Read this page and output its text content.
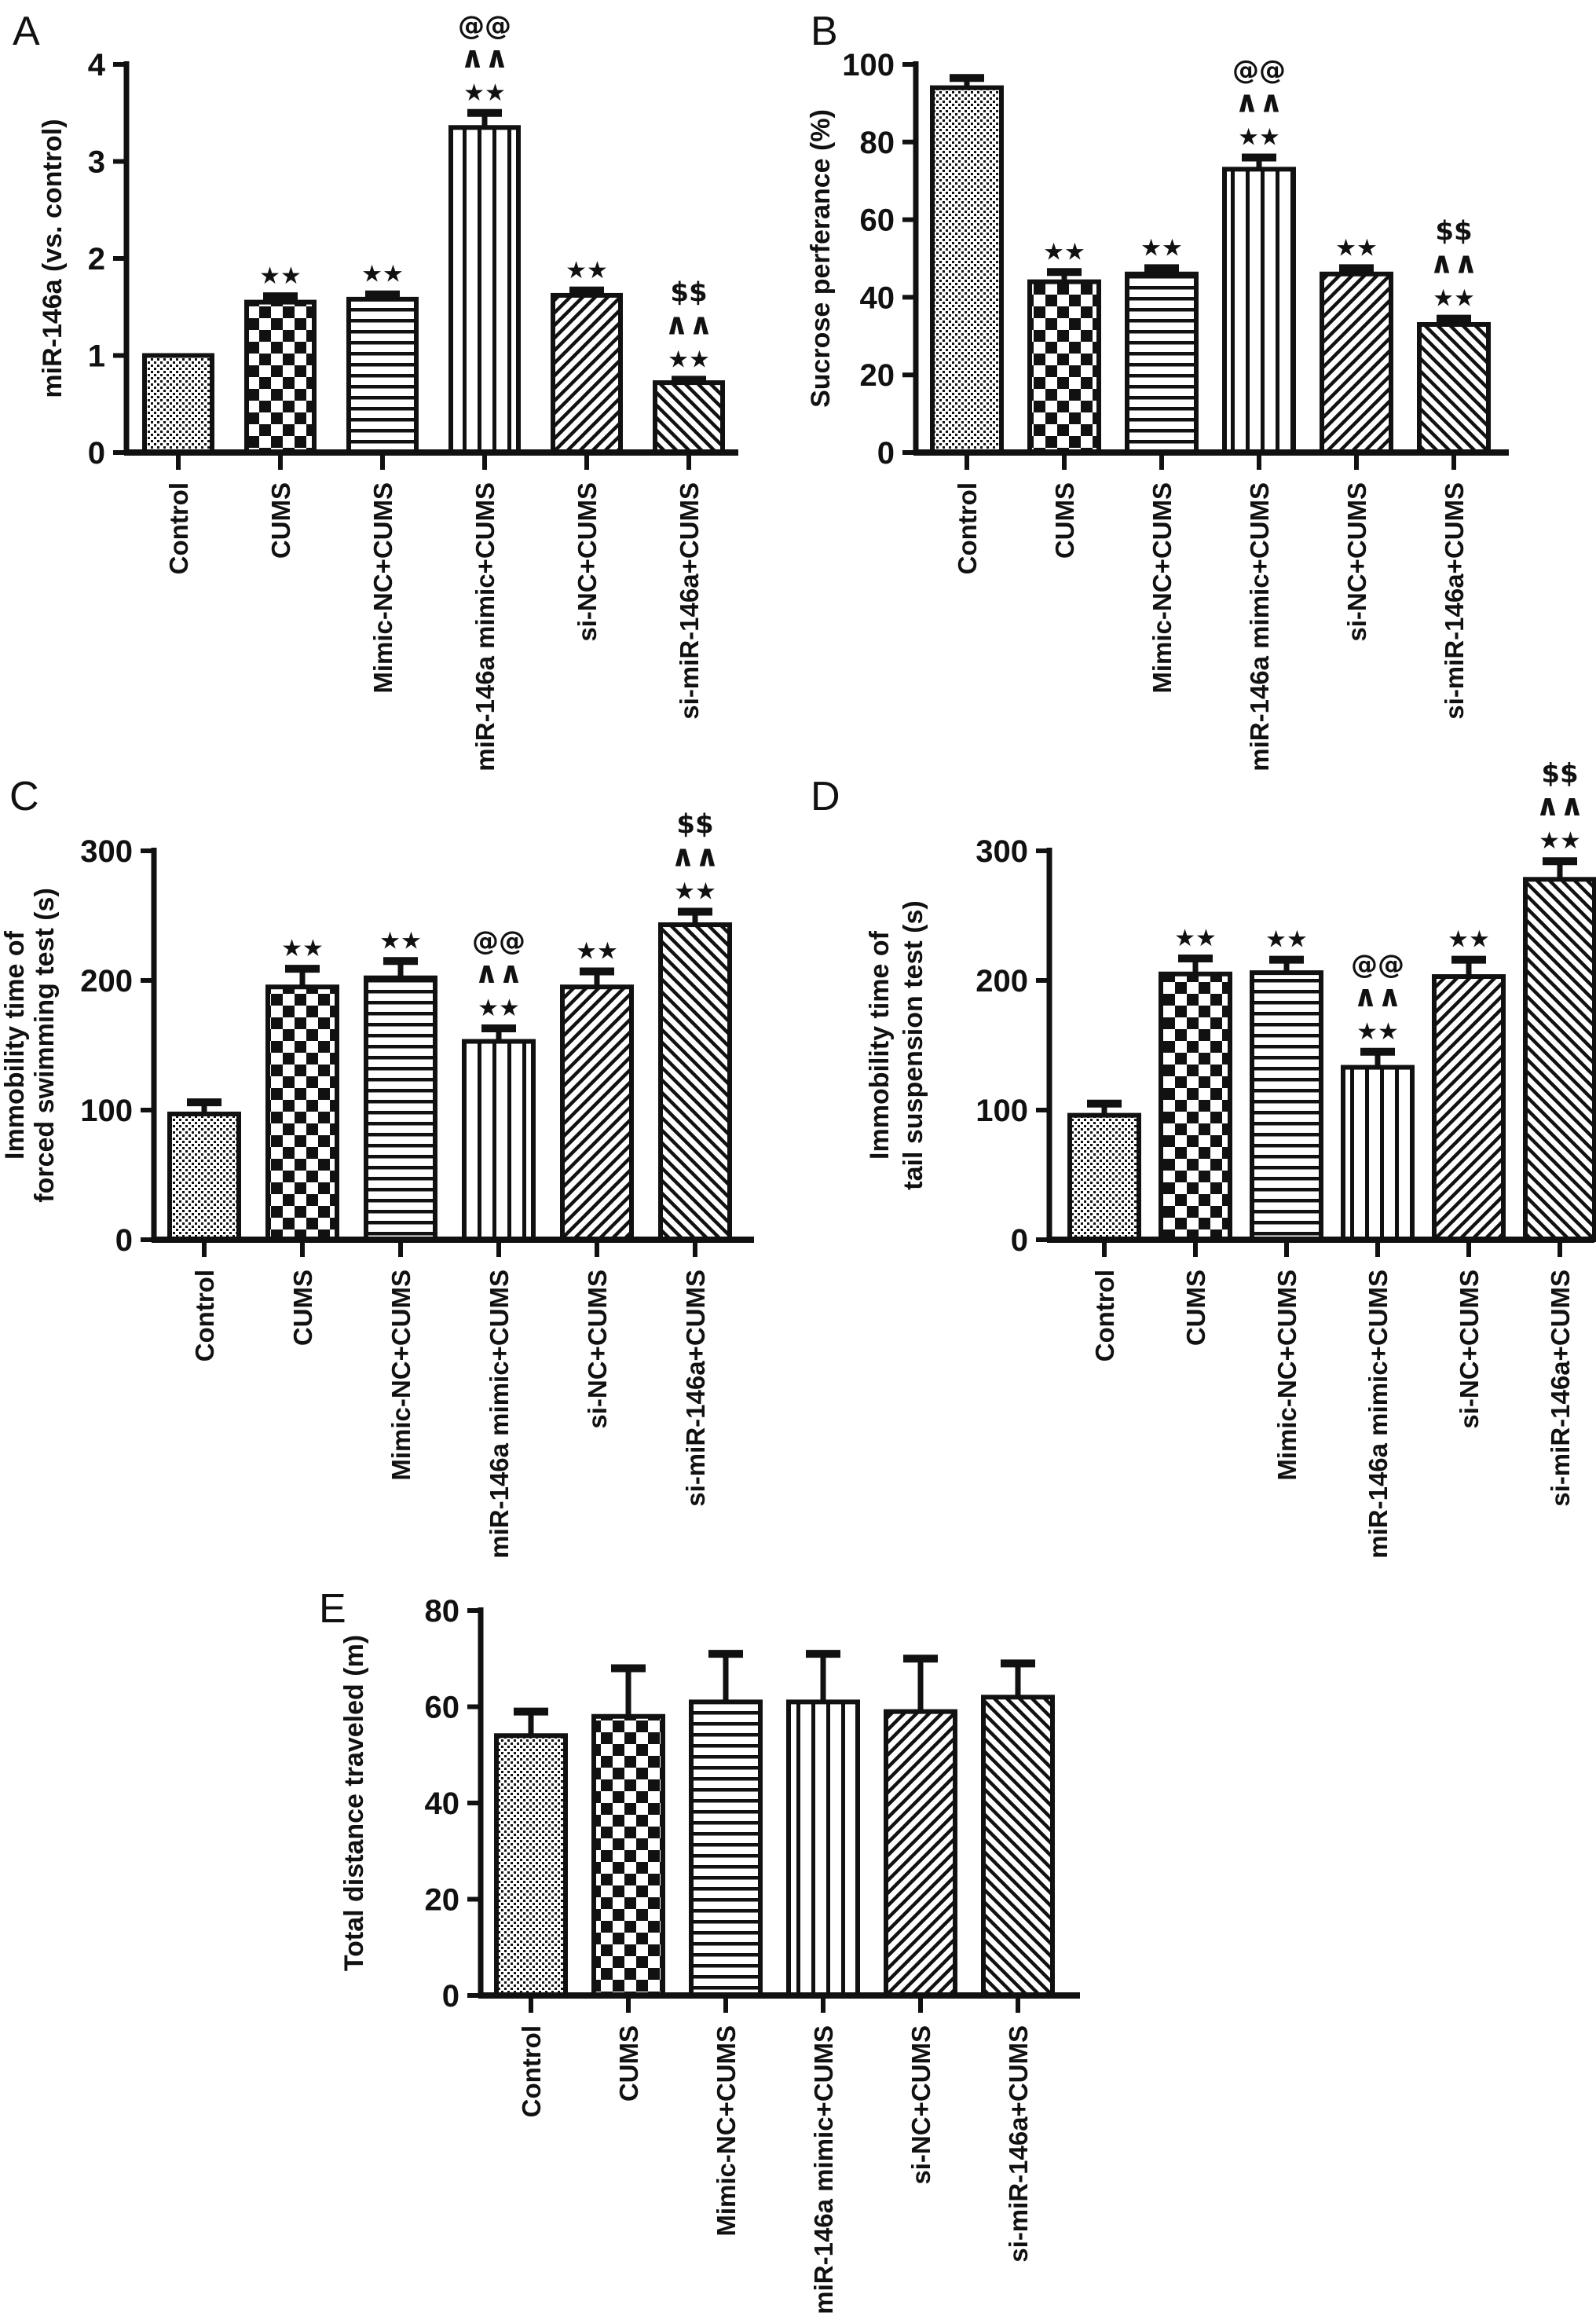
A	B
C	D
E
★★	★★
★★
∧∧
@@
★★
★★
∧∧
$$
0
1
2
3
4
Control	CUMS	Mimic-NC+CUMS	miR-146a mimic+CUMS	si-NC+CUMS	si-miR-146a+CUMS
miR-146a (vs. control)	★★ ★★
★★
∧∧
@@
★★
★★
∧∧
$$
0
20
40
60
80
100
Control	CUMS	Mimic-NC+CUMS	miR-146a mimic+CUMS	si-NC+CUMS	si-miR-146a+CUMS
Sucrose perferance (%)
★★ ★★
★★
∧∧
@@ ★★
★★
∧∧
$$
0
100
200
300
Control	CUMS	Mimic-NC+CUMS	miR-146a mimic+CUMS	si-NC+CUMS	si-miR-146a+CUMS
Immobility time of forced swimming test (s)	★★ ★★
★★
∧∧
@@
★★
★★
∧∧
$$
0
100
200
300
Control CUMS Mimic-NC+CUMS miR-146a mimic+CUMS si-NC+CUMS si-miR-146a+CUMS
Immobility time of tail suspension test (s)
0
20
40
60
80
Control	CUMS	Mimic-NC+CUMS	miR-146a mimic+CUMS	si-NC+CUMS	si-miR-146a+CUMS
Total distance traveled (m)
